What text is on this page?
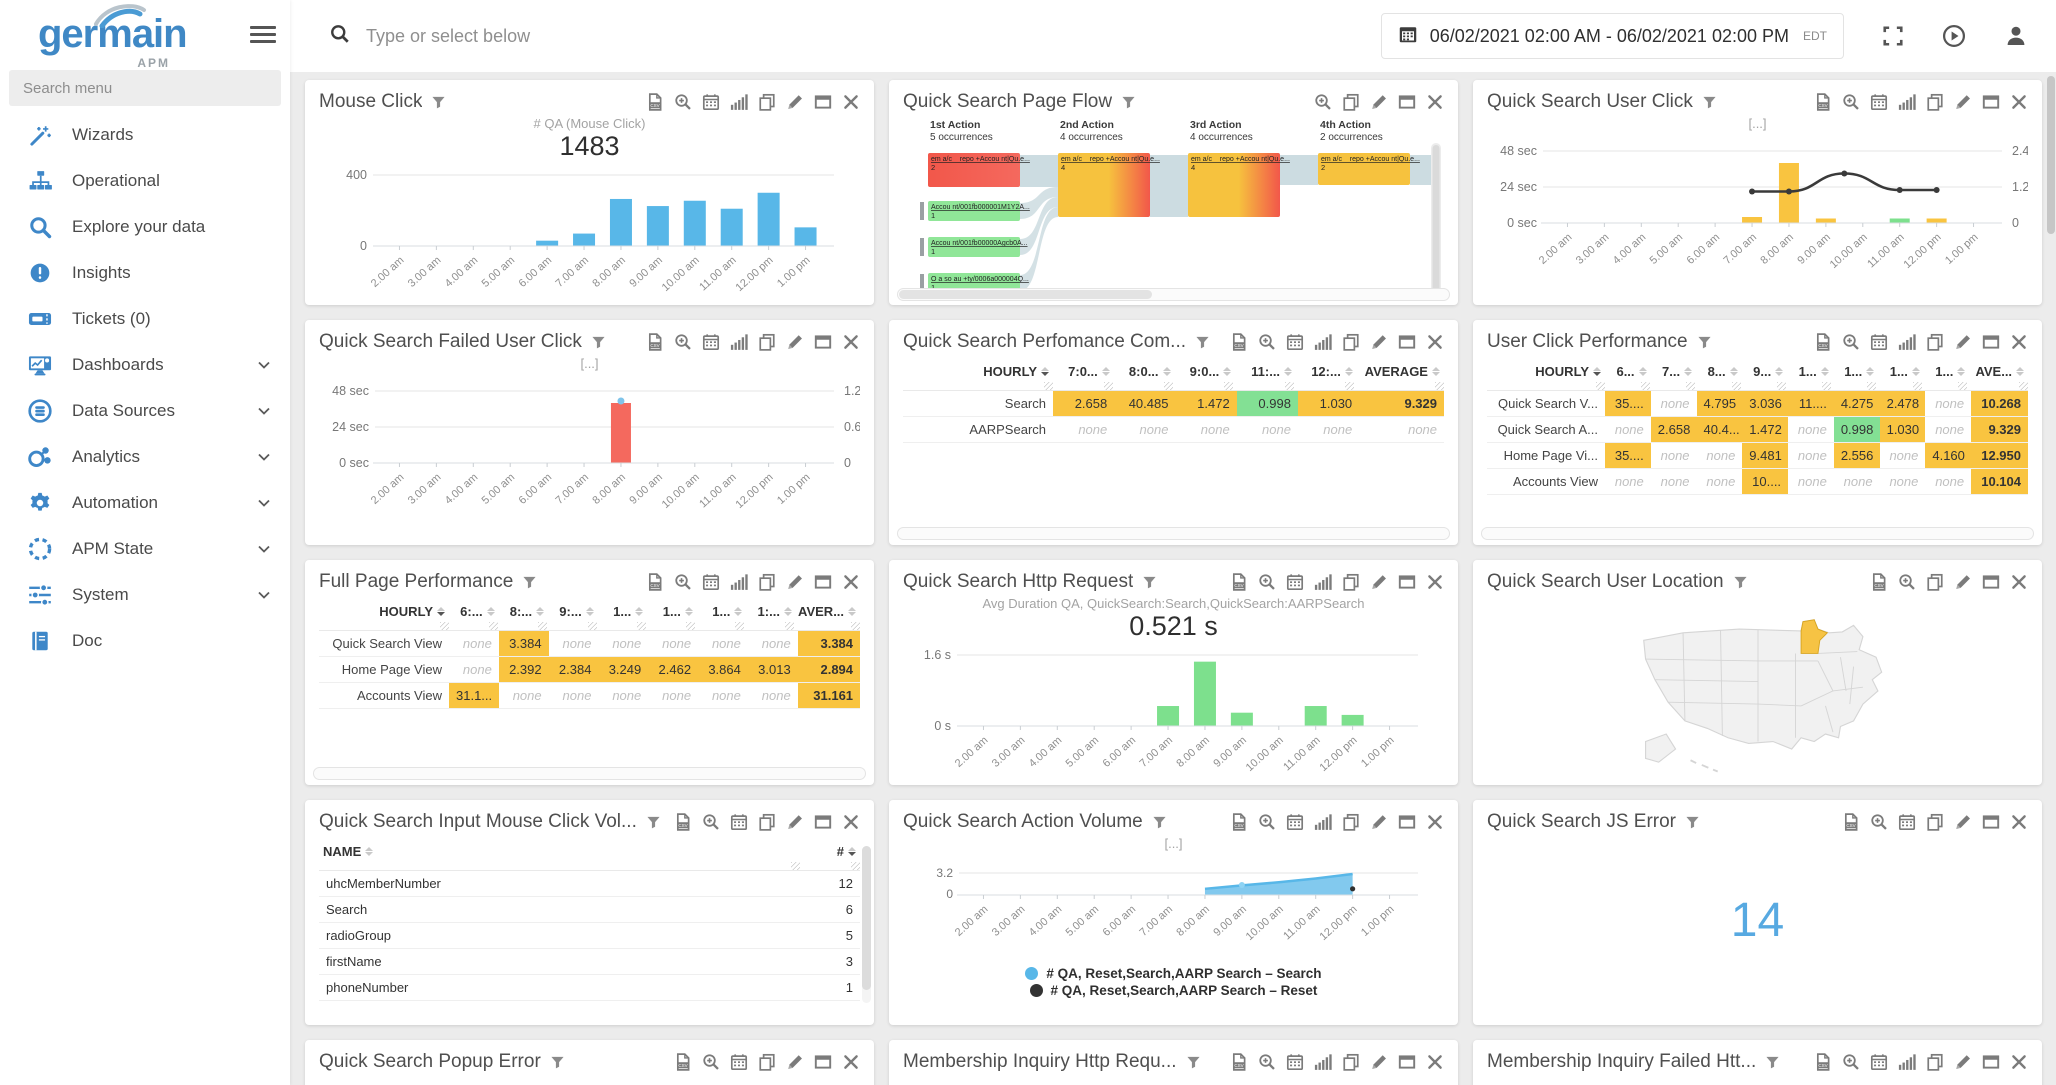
germain
APM
Search menu
Wizards
Operational
Explore your data
Insights
Tickets (0)
Dashboards
Data Sources
Analytics
Automation
APM State
System
Doc
Type or select below
06/02/2021 02:00 AM - 06/02/2021 02:00 PM EDT
Mouse Click	CSV
# QA (Mouse Click)
1483
400
0
2.00 am 3.00 am 4.00 am 5.00 am 6.00 am 7.00 am 8.00 am 9.00 am
10.00 am
11.00 am
12.00 pm 1.00 pm
Quick Search Page Flow
1st Action
5 occurrences
2nd Action
4 occurrences
3rd Action
4 occurrences
4th Action
2 occurrences
em a/c__repo +Accou nt|Qu.e...
2
Accou nt/001fb000001M1Y2A...
1
Accou nt/001fb00000Agcb0A...
1
O a so au +ty/0006a000004Q...
em a/c__repo +Accou nt|Qu.e...
4
em a/c__repo +Accou nt|Qu.e...
4
em a/c__repo +Accou nt|Qu.e...
2
Quick Search User Click	CSV
[...]
48 sec	2.4
24 sec	1.2
0 sec	0
2.00 am 3.00 am 4.00 am 5.00 am 6.00 am 7.00 am 8.00 am 9.00 am
10.00 am
11.00 am
12.00 pm 1.00 pm
Quick Search Failed User Click	CSV
[...]
48 sec	1.2
24 sec	0.6
0 sec	0
2.00 am 3.00 am 4.00 am 5.00 am 6.00 am 7.00 am 8.00 am 9.00 am
10.00 am
11.00 am
12.00 pm 1.00 pm
Quick Search Perfomance Com...	CSV
HOURLY 7:0... 8:0... 9:0... 11:... 12:... AVERAGE
Search	2.658	40.485	1.472	0.998	1.030	9.329
AARPSearch	none	none	none	none	none	none
User Click Performance	CSV
HOURLY 6... 7... 8... 9... 1... 1... 1... 1... AVE...
Quick Search V...	35....	none	4.795	3.036	11....	4.275	2.478	none	10.268
Quick Search A...	none	2.658	40.4... 1.472	none	0.998	1.030	none	9.329
Home Page Vi...	35....	none	none	9.481	none	2.556	none	4.160	12.950
Accounts View	none	none	none	10....	none	none	none	none	10.104
Full Page Performance	CSV
HOURLY 6:... 8:... 9:... 1... 1... 1... 1:... AVER...
Quick Search View	none	3.384	none	none	none	none	none	3.384
Home Page View	none	2.392	2.384	3.249	2.462	3.864	3.013	2.894
Accounts View	31.1...	none	none	none	none	none	none	31.161
Quick Search Http Request	CSV
Avg Duration QA, QuickSearch:Search,QuickSearch:AARPSearch
0.521 s
1.6 s
0 s
2.00 am 3.00 am 4.00 am 5.00 am 6.00 am 7.00 am 8.00 am 9.00 am
10.00 am
11.00 am
12.00 pm 1.00 pm
Quick Search User Location	CSV
Quick Search Input Mouse Click Vol...	CSV
NAME	#
uhcMemberNumber	12
Search	6
radioGroup	5
firstName	3
phoneNumber	1
Quick Search Action Volume	CSV
[...]
3.2
0
2.00 am 3.00 am 4.00 am 5.00 am 6.00 am 7.00 am 8.00 am 9.00 am
10.00 am
11.00 am
12.00 pm 1.00 pm
# QA, Reset,Search,AARP Search – Search
# QA, Reset,Search,AARP Search – Reset
Quick Search JS Error	CSV
14
Quick Search Popup Error	CSV	Membership Inquiry Http Requ...	CSV	Membership Inquiry Failed Htt...	CSV
